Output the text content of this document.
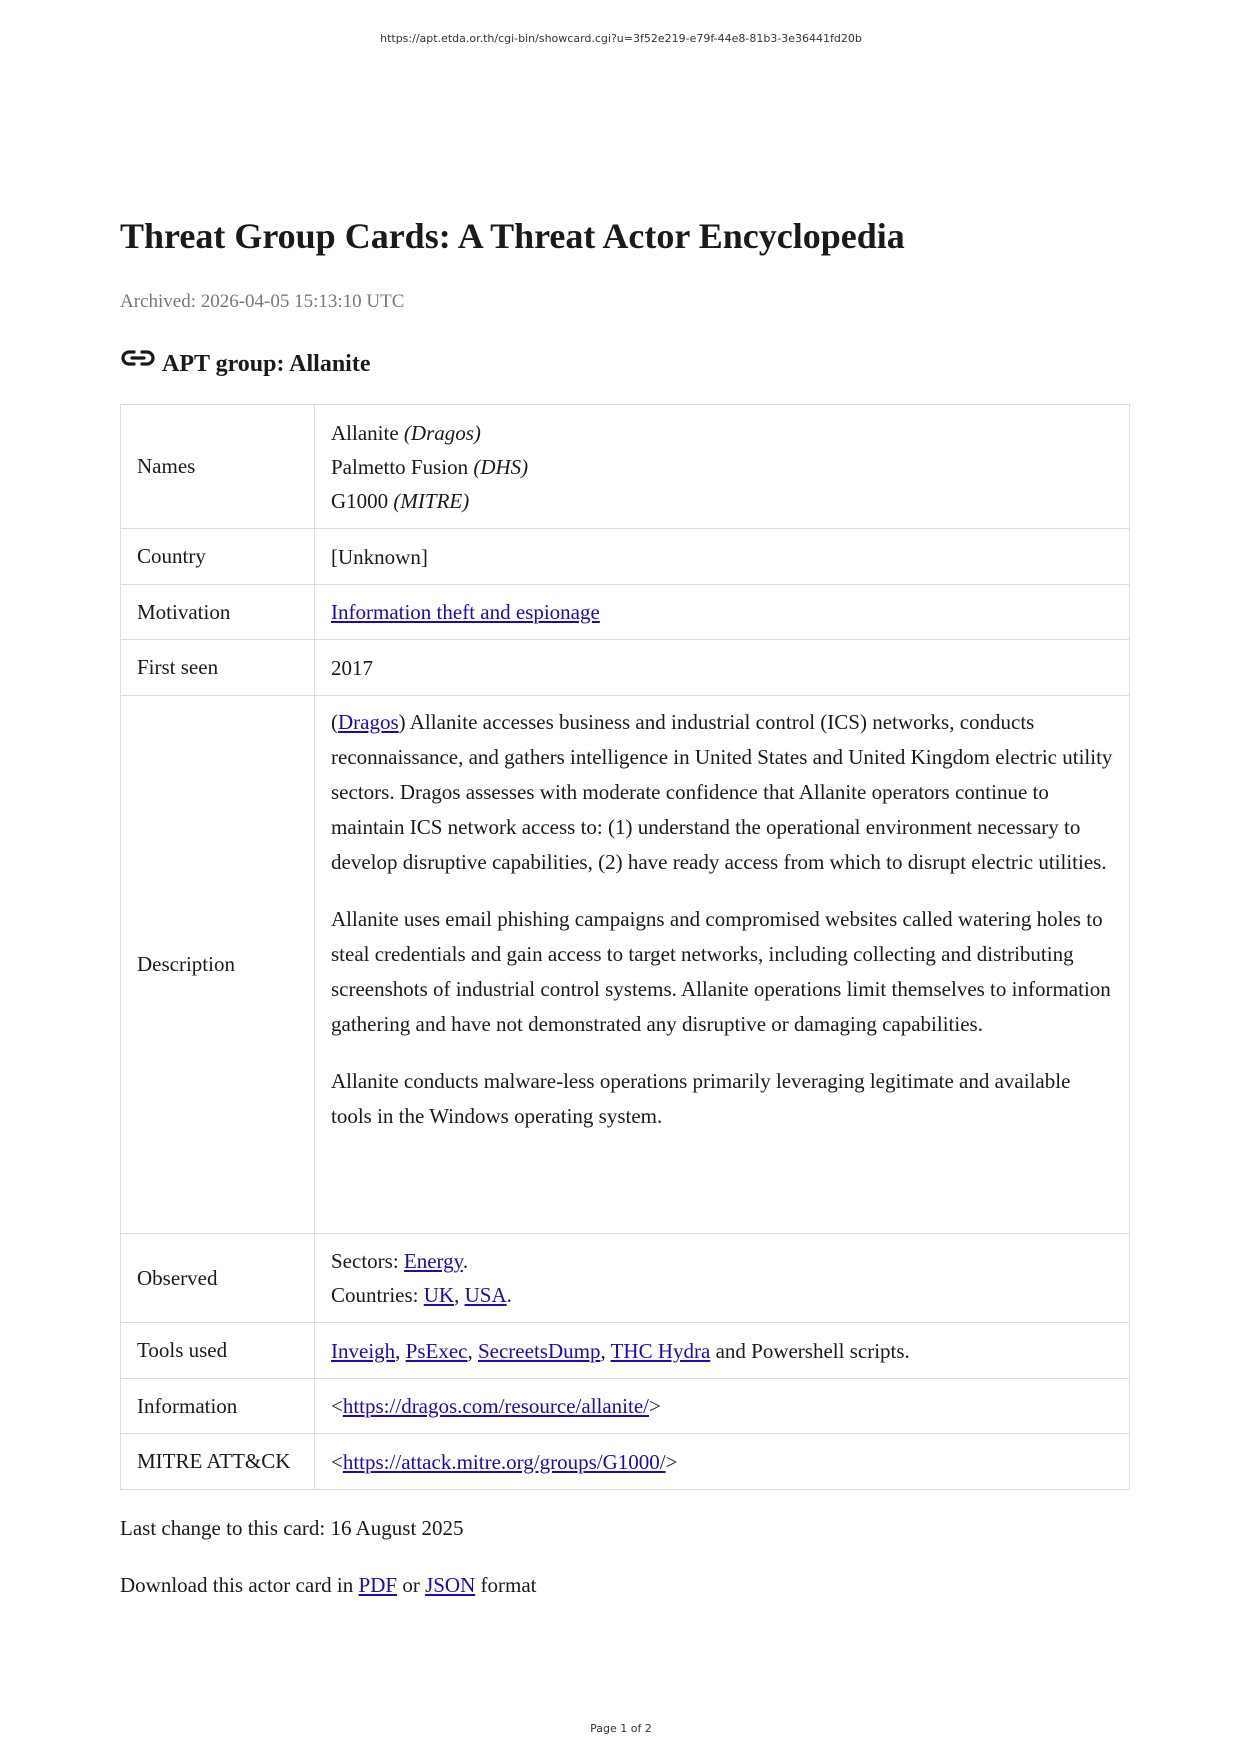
https://apt.etda.or.th/cgi-bin/showcard.cgi?u=3f52e219-e79f-44e8-81b3-3e36441fd20b
Threat Group Cards: A Threat Actor Encyclopedia
Archived: 2026-04-05 15:13:10 UTC
APT group: Allanite
Names	Allanite (Dragos)
Palmetto Fusion (DHS)
G1000 (MITRE)

Country	[Unknown]
Motivation	Information theft and espionage
First seen	2017
Description	(Dragos) Allanite accesses business and industrial control (ICS) networks, conducts reconnaissance, and gathers intelligence in United States and United Kingdom electric utility sectors. Dragos assesses with moderate confidence that Allanite operators continue to maintain ICS network access to: (1) understand the operational environment necessary to develop disruptive capabilities, (2) have ready access from which to disrupt electric utilities.

Allanite uses email phishing campaigns and compromised websites called watering holes to steal credentials and gain access to target networks, including collecting and distributing screenshots of industrial control systems. Allanite operations limit themselves to information gathering and have not demonstrated any disruptive or damaging capabilities.

Allanite conducts malware-less operations primarily leveraging legitimate and available tools in the Windows operating system.

Observed	Sectors: Energy.
Countries: UK, USA.

Tools used	Inveigh, PsExec, SecreetsDump, THC Hydra and Powershell scripts.
Information	<https://dragos.com/resource/allanite/>
MITRE ATT&CK	<https://attack.mitre.org/groups/G1000/>
Last change to this card: 16 August 2025
Download this actor card in PDF or JSON format
Page 1 of 2
